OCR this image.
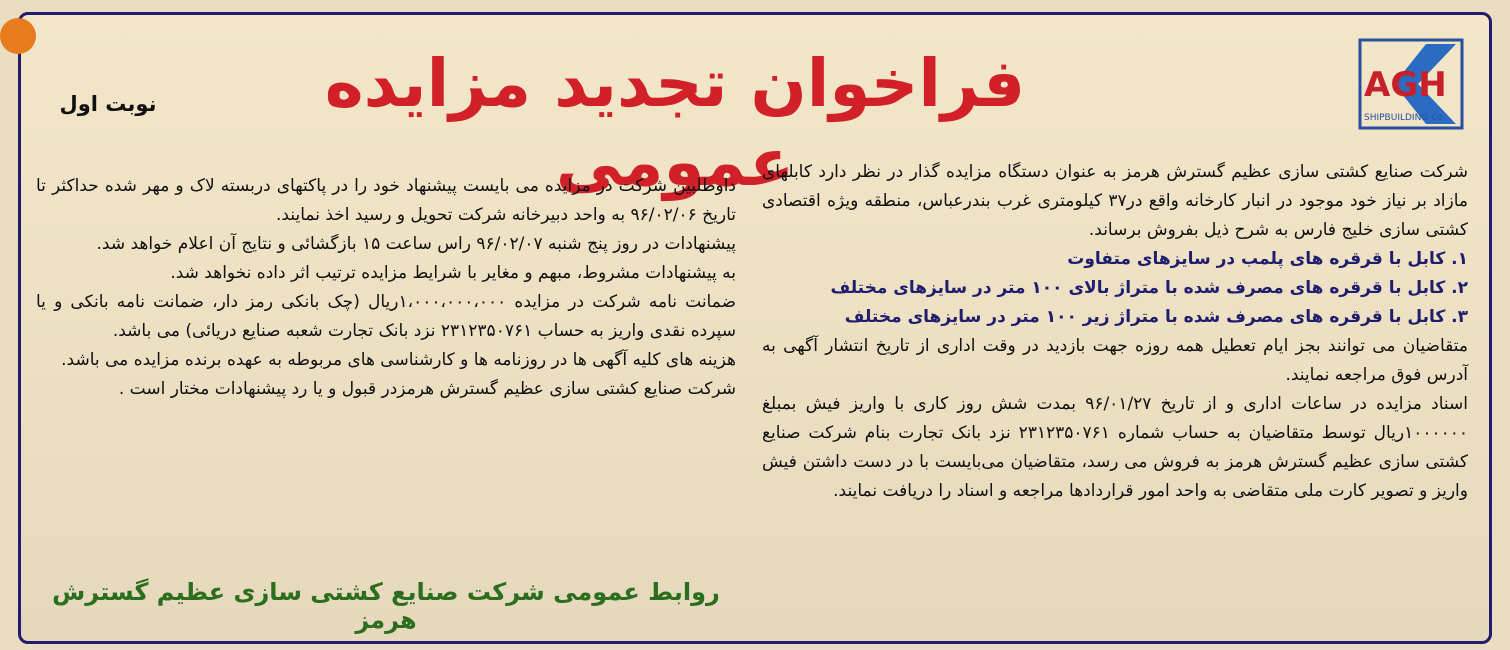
AGH
SHIPBUILDING Co
فراخوان تجدید مزایده عمومی
نوبت اول

شرکت صنایع کشتی سازی عظیم گسترش هرمز به عنوان دستگاه مزایده گذار در نظر دارد کابلهای مازاد بر نیاز خود موجود در انبار کارخانه واقع در۳۷ کیلومتری غرب بندرعباس، منطقه ویژه اقتصادی کشتی سازی خلیج فارس به شرح ذیل بفروش برساند.

۱. کابل با قرقره های پلمب در سایزهای متفاوت

۲. کابل با قرقره های مصرف شده با متراژ بالای ۱۰۰ متر در سایزهای مختلف

۳. کابل با قرقره های مصرف شده با متراژ زیر ۱۰۰ متر در سایزهای مختلف

متقاضیان می توانند بجز ایام تعطیل همه روزه جهت بازدید در وقت اداری از تاریخ انتشار آگهی به آدرس فوق مراجعه نمایند.

اسناد مزایده در ساعات اداری و از تاریخ ۹۶/۰۱/۲۷ بمدت شش روز کاری با واریز فیش بمبلغ ۱۰۰۰۰۰۰ریال توسط متقاضیان به حساب شماره ۲۳۱۲۳۵۰۷۶۱ نزد بانک تجارت بنام شرکت صنایع کشتی سازی عظیم گسترش هرمز به فروش می رسد، متقاضیان می‌بایست با در دست داشتن فیش واریز و تصویر کارت ملی متقاضی به واحد امور قراردادها مراجعه و اسناد را دریافت نمایند.

داوطلبین شرکت در مزایده می بایست پیشنهاد خود را در پاکتهای دربسته لاک و مهر شده حداکثر تا تاریخ ۹۶/۰۲/۰۶ به واحد دبیرخانه شرکت تحویل و رسید اخذ نمایند.

پیشنهادات در روز پنج شنبه ۹۶/۰۲/۰۷ راس ساعت ۱۵ بازگشائی و نتایج آن اعلام خواهد شد.

به پیشنهادات مشروط، مبهم و مغایر با شرایط مزایده ترتیب اثر داده نخواهد شد.

ضمانت نامه شرکت در مزایده ۱،۰۰۰،۰۰۰،۰۰۰ریال (چک بانکی رمز دار، ضمانت نامه بانکی و یا سپرده نقدی واریز به حساب ۲۳۱۲۳۵۰۷۶۱ نزد بانک تجارت شعبه صنایع دریائی) می باشد.

هزینه های کلیه آگهی ها در روزنامه ها و کارشناسی های مربوطه به عهده برنده مزایده می باشد.

شرکت صنایع کشتی سازی عظیم گسترش هرمزدر قبول و یا رد پیشنهادات مختار است .

روابط عمومی شرکت صنایع کشتی سازی عظیم گسترش هرمز
